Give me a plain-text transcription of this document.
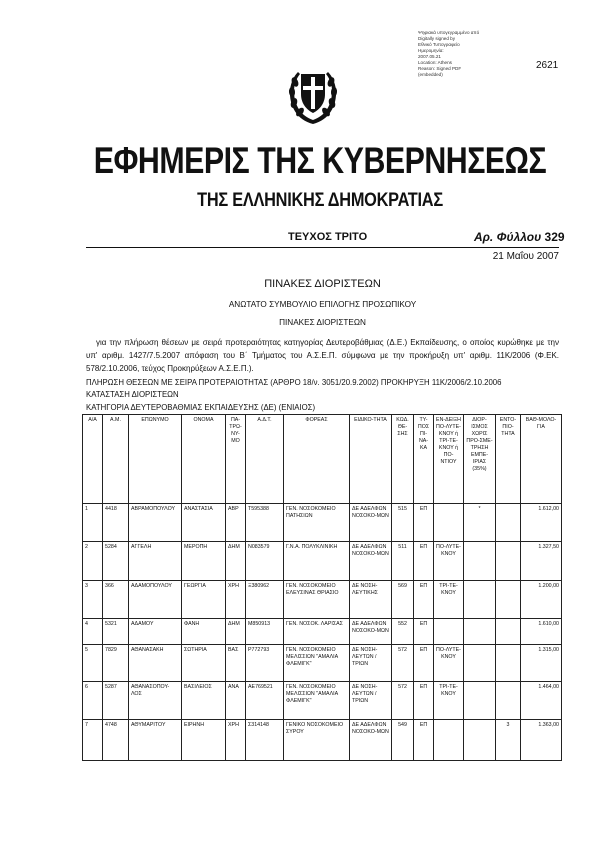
Ψηφιακά υπογεγραμμένο από
Digitally signed by
Εθνικό Τυπογραφείο
Ημερομηνία:
2007.05.21
Location: Athens
Reason: Signed PDF
(embedded)
2621
ΕΦΗΜΕΡΙΣ ΤΗΣ ΚΥΒΕΡΝΗΣΕΩΣ
ΤΗΣ ΕΛΛΗΝΙΚΗΣ ΔΗΜΟΚΡΑΤΙΑΣ
ΤΕΥΧΟΣ ΤΡΙΤΟ	Αρ. Φύλλου 329
21 Μαΐου 2007
ΠΙΝΑΚΕΣ ΔΙΟΡΙΣΤΕΩΝ
ΑΝΩΤΑΤΟ ΣΥΜΒΟΥΛΙΟ ΕΠΙΛΟΓΗΣ ΠΡΟΣΩΠΙΚΟΥ
ΠΙΝΑΚΕΣ ΔΙΟΡΙΣΤΕΩΝ
για την πλήρωση θέσεων με σειρά προτεραιότητας κατηγορίας Δευτεροβάθμιας (Δ.Ε.) Εκπαίδευσης, ο οποίος κυρώθηκε με την υπ' αριθμ. 1427/7.5.2007 απόφαση του Β΄ Τμήματος του Α.Σ.Ε.Π. σύμφωνα με την προκήρυξη υπ' αριθμ. 11Κ/2006 (Φ.ΕΚ. 578/2.10.2006, τεύχος Προκηρύξεων Α.Σ.Ε.Π.).
ΠΛΗΡΩΣΗ ΘΕΣΕΩΝ ΜΕ ΣΕΙΡΑ ΠΡΟΤΕΡΑΙΟΤΗΤΑΣ (ΑΡΘΡΟ 18/ν. 3051/20.9.2002) ΠΡΟΚΗΡΥΞΗ 11Κ/2006/2.10.2006
ΚΑΤΑΣΤΑΣΗ ΔΙΟΡΙΣΤΕΩΝ
ΚΑΤΗΓΟΡΙΑ ΔΕΥΤΕΡΟΒΑΘΜΙΑΣ ΕΚΠΑΙΔΕΥΣΗΣ (ΔΕ) (ΕΝΙΑΙΟΣ)
Α/Α	Α.Μ.	ΕΠΩΝΥΜΟ	ΟΝΟΜΑ	ΠΑ-ΤΡΩ-ΝΥ-ΜΟ	Α.Δ.Τ.	ΦΟΡΕΑΣ	ΕΙΔΙΚΟ-ΤΗΤΑ	ΚΩΔ. ΘΕ-ΣΗΣ	ΤΥ-ΠΟΣ ΠΙ-ΝΑ-ΚΑ	ΕΝ-ΔΕΙΞΗ ΠΟ-ΛΥΤΕ-ΚΝΟΥ ή ΤΡΙ-ΤΕ-ΚΝΟΥ ή ΠΟ-ΝΤΙΟΥ	ΔΙΟΡ-ΙΣΜΟΣ ΧΩΡΙΣ ΠΡΟ-ΣΜΕ-ΤΡΗΣΗ ΕΜΠΕ-ΙΡΙΑΣ (35%)	ΕΝΤΟ-ΠΙΟ-ΤΗΤΑ	ΒΑΘ-ΜΟΛΟ-ΓΙΑ
1	4418	ΑΒΡΑΜΟΠΟΥΛΟΥ	ΑΝΑΣΤΑΣΙΑ	ΑΒΡ	Τ595388	ΓΕΝ. ΝΟΣΟΚΟΜΕΙΟ ΠΑΤΗΣΙΩΝ	ΔΕ ΑΔΕΛΦΩΝ ΝΟΣΟΚΟ-ΜΩΝ	515	ΕΠ		*		1.612,00
2	5284	ΑΓΓΕΛΗ	ΜΕΡΟΠΗ	ΔΗΜ	Ν083579	Γ.Ν.Α. ΠΟΛΥΚΛΙΝΙΚΗ	ΔΕ ΑΔΕΛΦΩΝ ΝΟΣΟΚΟ-ΜΩΝ	511	ΕΠ	ΠΟ-ΛΥΤΕ-ΚΝΟΥ			1.327,50
3	366	ΑΔΑΜΟΠΟΥΛΟΥ	ΓΕΩΡΓΙΑ	ΧΡΗ	Ξ380962	ΓΕΝ. ΝΟΣΟΚΟΜΕΙΟ ΕΛΕΥΣΙΝΑΣ ΘΡΙΑΣΙΟ	ΔΕ ΝΟΣΗ-ΛΕΥΤΙΚΗΣ	569	ΕΠ	ΤΡΙ-ΤΕ-ΚΝΟΥ			1.200,00
4	5321	ΑΔΑΜΟΥ	ΦΑΝΗ	ΔΗΜ	Μ850913	ΓΕΝ. ΝΟΣΟΚ. ΛΑΡΙΣΑΣ	ΔΕ ΑΔΕΛΦΩΝ ΝΟΣΟΚΟ-ΜΩΝ	552	ΕΠ				1.610,00
5	7829	ΑΘΑΝΑΣΑΚΗ	ΣΩΤΗΡΙΑ	ΒΑΣ	Ρ772793	ΓΕΝ. ΝΟΣΟΚΟΜΕΙΟ ΜΕΛΙΣΣΙΩΝ "ΑΜΑΛΙΑ ΦΛΕΜΙΓΚ"	ΔΕ ΝΟΣΗ-ΛΕΥΤΩΝ / ΤΡΙΩΝ	572	ΕΠ	ΠΟ-ΛΥΤΕ-ΚΝΟΥ			1.315,00
6	5287	ΑΘΑΝΑΣΟΠΟΥ-ΛΟΣ	ΒΑΣΙΛΕΙΟΣ	ΑΝΑ	ΑΕ769521	ΓΕΝ. ΝΟΣΟΚΟΜΕΙΟ ΜΕΛΙΣΣΙΩΝ "ΑΜΑΛΙΑ ΦΛΕΜΙΓΚ"	ΔΕ ΝΟΣΗ-ΛΕΥΤΩΝ / ΤΡΙΩΝ	572	ΕΠ	ΤΡΙ-ΤΕ-ΚΝΟΥ			1.464,00
7	4748	ΑΘΥΜΑΡΙΤΟΥ	ΕΙΡΗΝΗ	ΧΡΗ	Σ314148	ΓΕΝΙΚΟ ΝΟΣΟΚΟΜΕΙΟ ΣΥΡΟΥ	ΔΕ ΑΔΕΛΦΩΝ ΝΟΣΟΚΟ-ΜΩΝ	549	ΕΠ			3	1.363,00
